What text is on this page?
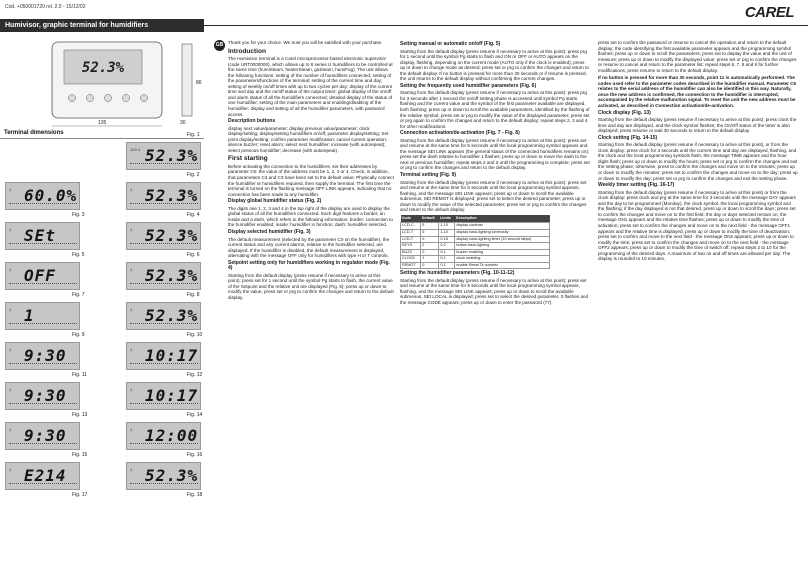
Cod. +050001720 rel. 2.0 - 15/12/02	CAREL
Humivisor, graphic terminal for humidifiers
52.3%
135	30
86
Terminal dimensions	Fig. 1
123 4 52.3%
Fig. 2
1 60.0%
Fig. 3
1 52.3%
Fig. 4
1 SEt
Fig. 5
1 52.3%
Fig. 6
1 OFF
Fig. 7
1 52.3%
Fig. 8
1 1
Fig. 9
1 52.3%
Fig. 10
1 9:30
Fig. 11
1 10:17
Fig. 12
1 9:30
Fig. 13
1 10:17
Fig. 14
1 9:30
Fig. 15
1 12:00
Fig. 16
1 E214
Fig. 17
1 52.3%
Fig. 18
GB	Thank you for your choice. We trust you will be satisfied with your purchase.

Introduction

The Humivisor terminal is a Carel microprocessor-based electronic supervisor (code URT0000000), which allows up to 8 series U humidifiers to be controlled at the same time (humiSteam, heaterSteam, gaSteam, humiFog). The unit allows the following functions: setting of the number of humidifiers connected; setting of the parameters/functions of the terminal; setting of the current time and day; setting of weekly on/off times with up to two cycles per day; display of the current time and day and the on/off status of the output timer; global display of the on/off and alarm status of all the humidifiers connected; detailed display of the status of one humidifier; setting of the main parameters and enabling/disabling of the humidifier; display and setting of all the humidifier parameters, with password access.

Description buttons

display next value/parameter; display previous value/parameter; clock display/setting; display/setting humidifiers on/off; parameter display/setting; Set point display/setting; confirm parameter modification; cancel current operation; silence buzzer; reset alarm; select next humidifier; increase (with autorepeat); select previous humidifier; decrease (with autorepeat).

First starting

Before activating the connection to the humidifiers, set their addresses by parameter C5: the value of the address must be 1, 2, 3 or 4. Check, in addition, that parameters C4 and C3 have been set to the default value. Physically connect the humidifier or humidifiers required, then supply the terminal. The first time the terminal is turned on the flashing message OFF LINK appears, indicating that no connection has been made to any humidifier.

Display global humidifier status (Fig. 2)

The digits one 1, 2, 3 and 4 in the top right of the display are used to display the global status of all the humidifiers connected. Each digit features a border, an inside and a dash, which refers to the following information: border: connection to the humidifier enabled; inside: humidifier in function; dash: humidifier selected.

Display selected humidifier (Fig. 3)

The default measurement (selected by the parameter C0 on the humidifier), the current status and any current alarms, relative to the humidifier selected, are displayed. If the humidifier is disabled, the default measurement is displayed, alternating with the message OFF only for humidifiers with type H or T controls.

Setpoint setting only for humidifiers working in regulator mode (Fig. 4)

Starting from the default display (press resume if necessary to arrive at this point): press set for 1 second until the symbol Pg starts to flash, the current value of the Setpoint and the relative unit are displayed (Fig. 5); press up or down to modify the value; press set or prg to confirm the changes and return to the default display.

Setting manual or automatic on/off (Fig. 5)

Starting from the default display (press resume if necessary to arrive at this point): press prg for 1 second until the symbol Pg starts to flash and ON or OFF or AUTO appears on the display, flashing, depending on the current mode (AUTO only if the clock is enabled); press up or down to change mode as desired; press set or prg to confirm the changes and return to the default display. If no button is pressed for more than 30 seconds or if resume is pressed, the unit returns to the default display without confirming the current changes.

Setting the frequently used humidifier parameters (Fig. 6)

Starting from the default display (press resume if necessary to arrive at this point): press prg for 3 seconds after 1 second the on/off setting phase is accessed until symbol Pg starts flashing and the current value and the symbol of the first parameter available are displayed, both flashing; press up or down to scroll the available parameters, identified by the flashing of the relative symbol; press set or prg to modify the value of the displayed parameter; press set or prg again to confirm the changes and return to the default display; repeat steps 2, 3 and 4 for other modifications.

Connection activation/de-activation (Fig. 7 - Fig. 8)

Starting from the default display (press resume if necessary to arrive at this point): press set and resume at the same time for 5 seconds until the local programming symbol appears and the message SEt LINK appears (the general status of the connected humidifiers remains on); press set the dash relative to humidifier 1 flashes; press up or down to move the dash to the next or previous humidifier; repeat steps 2 and 3 until the programming is complete; press set or prg to confirm the changes and return to the default display.

Terminal setting (Fig. 9)

Starting from the default display (press resume if necessary to arrive at this point): press set and resume at the same time for 5 seconds until the local programming symbol appears, flashing, and the message SEt LINK appears; press up or down to scroll the available submenus, SEt REMOT is displayed; press set to select the desired parameter; press up or down to modify the value of the selected parameter; press set or prg to confirm the changes and return to the default display.

Code	Default	Limits	Description
LCD-C	5	1-10	display contrast
LCD-T	5	1-10	display back-lighting luminosity
LCD-T	0	0-15	display back-lighting timer (10 second steps)
KEYS	2	0-2	button back-lighting
BUZZ	0	0-1	buzzer enabling
CLOCK	1	0-1	clock enabling
REMOT	0	0-1	enable Reset Ts numeric
Setting the humidifier parameters (Fig. 10-11-12)

Starting from the default display (press resume if necessary to arrive at this point): press set and resume at the same time for 5 seconds until the local programming symbol appears, flashing, and the message SEt LINK appears; press up or down to scroll the available submenus, SEt LOCAL is displayed; press set to select the desired parameter, 0 flashes and the message CODE appears; press up or down to enter the password (77).

press set to confirm the password or resume to cancel the operation and return to the default display; the code identifying the first available parameter appears and the programming symbol flashes; press up or down to scroll the parameters; press set to display the value and the unit of measure; press up or down to modify the displayed value; press set or prg to confirm the changes or resume to cancel and return to the parameter list; repeat steps 6, 7, 8 and 9 for further modifications; press resume to return to the default display.

If no button is pressed for more than 30 seconds, point 11 is automatically performed. The codes used refer to the parameter codes described in the humidifier manual. Parameter C5 relates to the serial address of the humidifier can also be identified in this way. Naturally, once the new address is confirmed, the connection to the humidifier is interrupted, accompanied by the relative malfunction signal. To reset the unit the new address must be activated, as described in Connection activation/de-activation.

Clock display (Fig. 13)

Starting from the default display (press resume if necessary to arrive at this point): press clock the time and day are displayed, and the clock symbol flashes; the On/Off status of the timer is also displayed; press resume or wait 30 seconds to return to the default display.

Clock setting (Fig. 14-15)

Starting from the default display (press resume if necessary to arrive at this point), or from the clock display: press clock for 3 seconds until the current time and day are displayed, flashing, and the clock and the local programming symbols flash, the message TIME appears and the hour digits flash; press up or down to modify the hours; press set or prg to confirm the changes and exit the setting phase; otherwise, press to confirm the changes and move on to the minutes; press up or down to modify the minutes; press set to confirm the changes and move on to the day; press up or down to modify the day; press set or prg to confirm the changes and exit the setting phase.

Weekly timer setting (Fig. 16-17)

Starting from the default display (press resume if necessary to arrive at this point) or from the clock display: press clock and prg at the same time for 3 seconds until the message DAY appears and the day to be programmed (Monday), the clock symbol, the local programming symbol and the flashing; if the day displayed is not that desired, press up or down to scroll the days; press set to confirm the changes and move on to the first field: the day or days selected remain on, the message ON1 appears and the relative time flashes; press up or down to modify the time of activation; press set to confirm the changes and move on to the next field - the message OFF1 appears and the relative time is displayed; press up or down to modify the time of deactivation; press set to confirm and move to the next field - the message ON2 appears; press up or down to modify the time; press set to confirm the changes and move on to the next field - the message OFF2 appears; press up or down to modify the time of switch off; repeat steps 2 to 10 for the programming of the desired days. A maximum of two on and off times are allowed per day. The display is rounded to 10 minutes.
